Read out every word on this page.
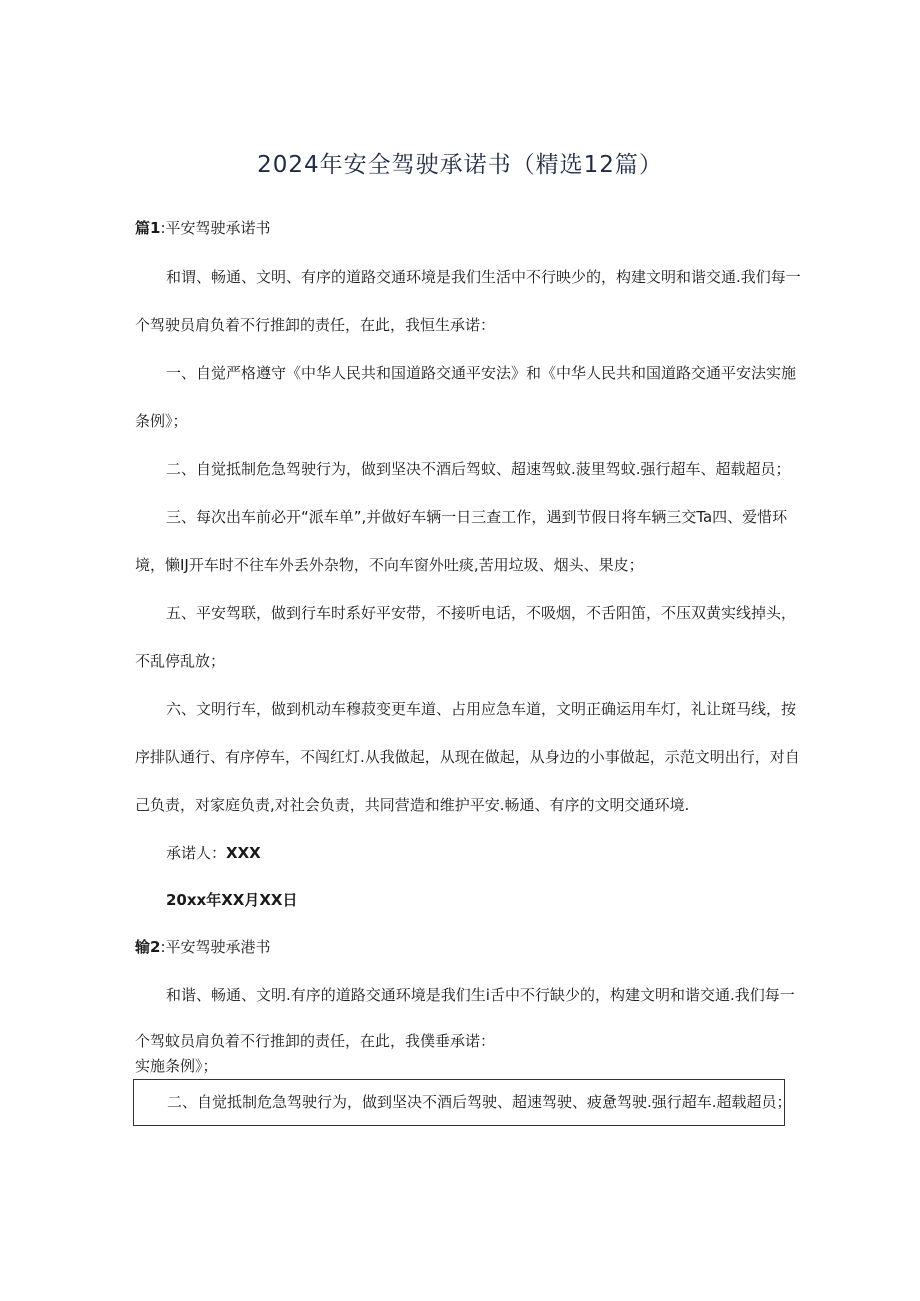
2024年安全驾驶承诺书（精选12篇）
篇1:平安驾驶承诺书
和谓、畅通、文明、有序的道路交通环境是我们生活中不行映少的，构建文明和谐交通.我们每一
个驾驶员肩负着不行推卸的责任，在此，我恒生承诺：
一、自觉严格遵守《中华人民共和国道路交通平安法》和《中华人民共和国道路交通平安法实施
条例》；
二、自觉抵制危急驾驶行为，做到坚决不酒后驾蚊、超速驾蚊.菠里驾蚊.强行超车、超载超员；
三、每次出车前必开“派车单”,并做好车辆一日三查工作，遇到节假日将车辆三交Ta四、爱惜环
境，懒IJ开车时不往车外丢外杂物，不向车窗外吐痰,苦用垃圾、烟头、果皮；
五、平安驾联，做到行车时系好平安带，不接听电话，不吸烟，不舌阳笛，不压双黄实线掉头，
不乱停乱放；
六、文明行车，做到机动车穆菽变更车道、占用应急车道，文明正确运用车灯，礼让斑马线，按
序排队通行、有序停车，不闯红灯.从我做起，从现在做起，从身边的小事做起，示范文明出行，对自
己负责，对家庭负责,对社会负责，共同营造和维护平安.畅通、有序的文明交通环境.
承诺人：XXX
20xx年XX月XX日
输2:平安驾驶承港书
和谐、畅通、文明.有序的道路交通环境是我们生i舌中不行缺少的，构建文明和谐交通.我们每一
个驾蚊员肩负着不行推卸的责任，在此，我僕垂承诺：
实施条例》；
二、自觉抵制危急驾驶行为，做到坚决不酒后驾驶、超速驾驶、疲惫驾驶.强行超车.超载超员；
